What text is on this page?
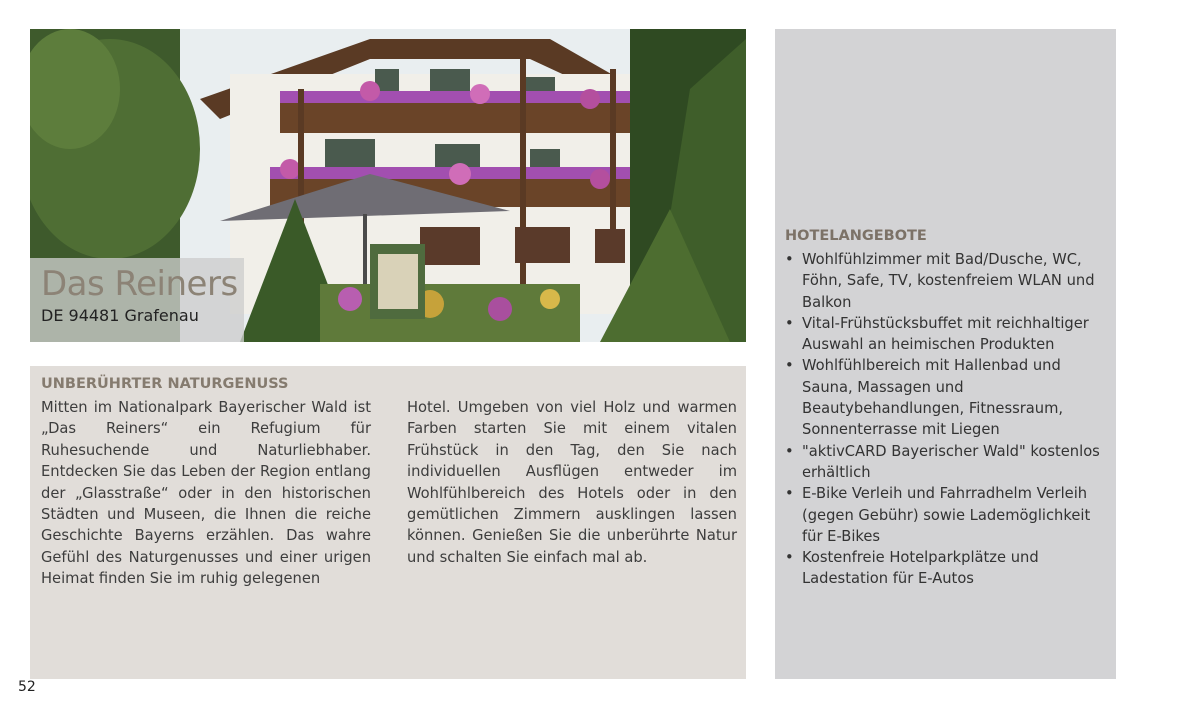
Das Reiners
DE 94481 Grafenau
UNBERÜHRTER NATURGENUSS
Mitten im Nationalpark Bayerischer Wald ist „Das Reiners“ ein Refugium für Ruhesuchende und Naturliebhaber. Entdecken Sie das Leben der Region entlang der „Glasstraße“ oder in den historischen Städten und Museen, die Ihnen die reiche Geschichte Bayerns erzählen. Das wahre Gefühl des Naturgenusses und einer urigen Heimat finden Sie im ruhig gelegenen
Hotel. Umgeben von viel Holz und warmen Farben starten Sie mit einem vitalen Frühstück in den Tag, den Sie nach individuellen Ausflügen entweder im Wohlfühlbereich des Hotels oder in den gemütlichen Zimmern ausklingen lassen können. Genießen Sie die unberührte Natur und schalten Sie einfach mal ab.
HOTELANGEBOTE
• Wohlfühlzimmer mit Bad/Dusche, WC, Föhn, Safe, TV, kostenfreiem WLAN und Balkon
• Vital-Frühstücksbuffet mit reichhaltiger Auswahl an heimischen Produkten
• Wohlfühlbereich mit Hallenbad und Sauna, Massagen und Beautybehandlungen, Fitnessraum, Sonnenterrasse mit Liegen
• "aktivCARD Bayerischer Wald" kostenlos erhältlich
• E-Bike Verleih und Fahrradhelm Verleih (gegen Gebühr) sowie Lademöglichkeit für E-Bikes
• Kostenfreie Hotelparkplätze und Ladestation für E-Autos
52
